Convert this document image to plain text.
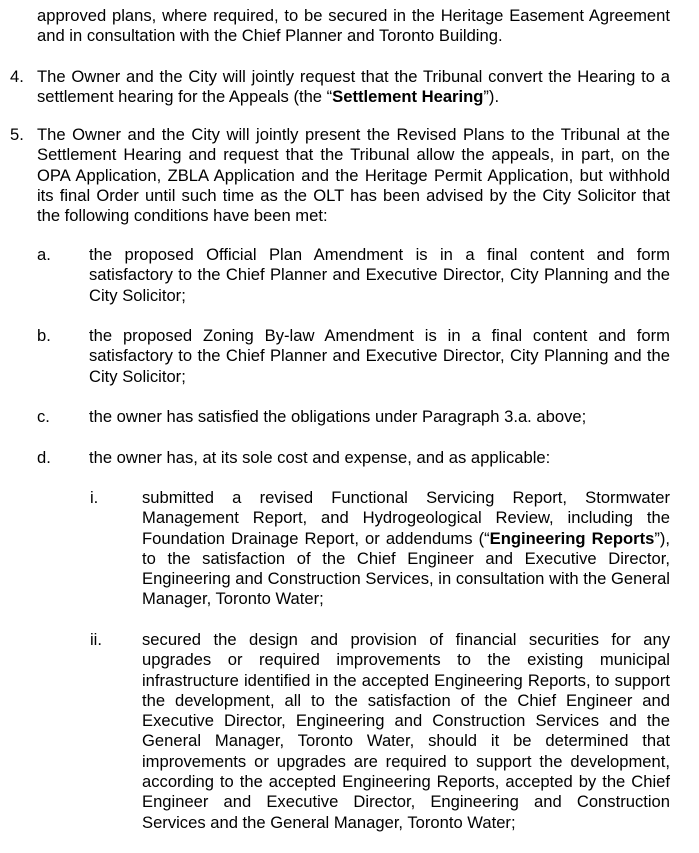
approved plans, where required, to be secured in the Heritage Easement Agreement and in consultation with the Chief Planner and Toronto Building.

4. The Owner and the City will jointly request that the Tribunal convert the Hearing to a settlement hearing for the Appeals (the “Settlement Hearing”).

5. The Owner and the City will jointly present the Revised Plans to the Tribunal at the Settlement Hearing and request that the Tribunal allow the appeals, in part, on the OPA Application, ZBLA Application and the Heritage Permit Application, but withhold its final Order until such time as the OLT has been advised by the City Solicitor that the following conditions have been met:

a. the proposed Official Plan Amendment is in a final content and form satisfactory to the Chief Planner and Executive Director, City Planning and the City Solicitor;

b. the proposed Zoning By-law Amendment is in a final content and form satisfactory to the Chief Planner and Executive Director, City Planning and the City Solicitor;

c. the owner has satisfied the obligations under Paragraph 3.a. above;

d. the owner has, at its sole cost and expense, and as applicable:

i.	submitted a revised Functional Servicing Report, Stormwater Management Report, and Hydrogeological Review, including the Foundation Drainage Report, or addendums (“Engineering Reports”), to the satisfaction of the Chief Engineer and Executive Director, Engineering and Construction Services, in consultation with the General Manager, Toronto Water;

ii. secured the design and provision of financial securities for any upgrades or required improvements to the existing municipal infrastructure identified in the accepted Engineering Reports, to support the development, all to the satisfaction of the Chief Engineer and Executive Director, Engineering and Construction Services and the General Manager, Toronto Water, should it be determined that improvements or upgrades are required to support the development, according to the accepted Engineering Reports, accepted by the Chief Engineer and Executive Director, Engineering and Construction Services and the General Manager, Toronto Water;
